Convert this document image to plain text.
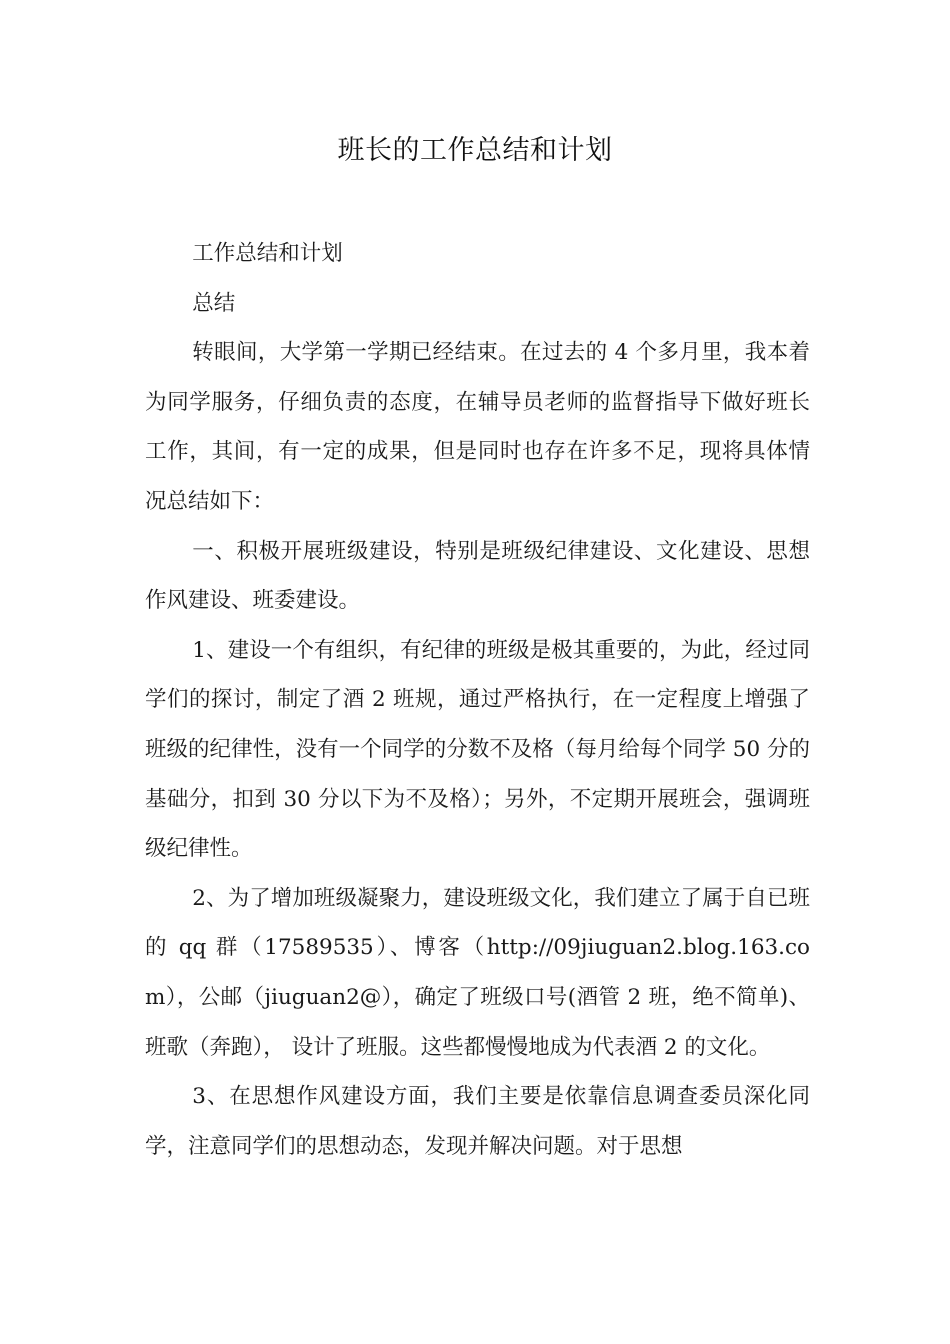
班长的工作总结和计划

工作总结和计划

总结

转眼间，大学第一学期已经结束。在过去的 4 个多月里，我本着为同学服务，仔细负责的态度，在辅导员老师的监督指导下做好班长工作，其间，有一定的成果，但是同时也存在许多不足，现将具体情况总结如下：

一、积极开展班级建设，特别是班级纪律建设、文化建设、思想作风建设、班委建设。

1、建设一个有组织，有纪律的班级是极其重要的，为此，经过同学们的探讨，制定了酒 2 班规，通过严格执行，在一定程度上增强了班级的纪律性，没有一个同学的分数不及格（每月给每个同学 50 分的基础分，扣到 30 分以下为不及格）；另外，不定期开展班会，强调班级纪律性。

2、为了增加班级凝聚力，建设班级文化，我们建立了属于自已班的 qq 群（17589535）、博客（http://09jiuguan2.blog.163.com），公邮（jiuguan2@），确定了班级口号(酒管 2 班，绝不简单)、班歌（奔跑）， 设计了班服。这些都慢慢地成为代表酒 2 的文化。

3、在思想作风建设方面，我们主要是依靠信息调查委员深化同学，注意同学们的思想动态，发现并解决问题。对于思想
